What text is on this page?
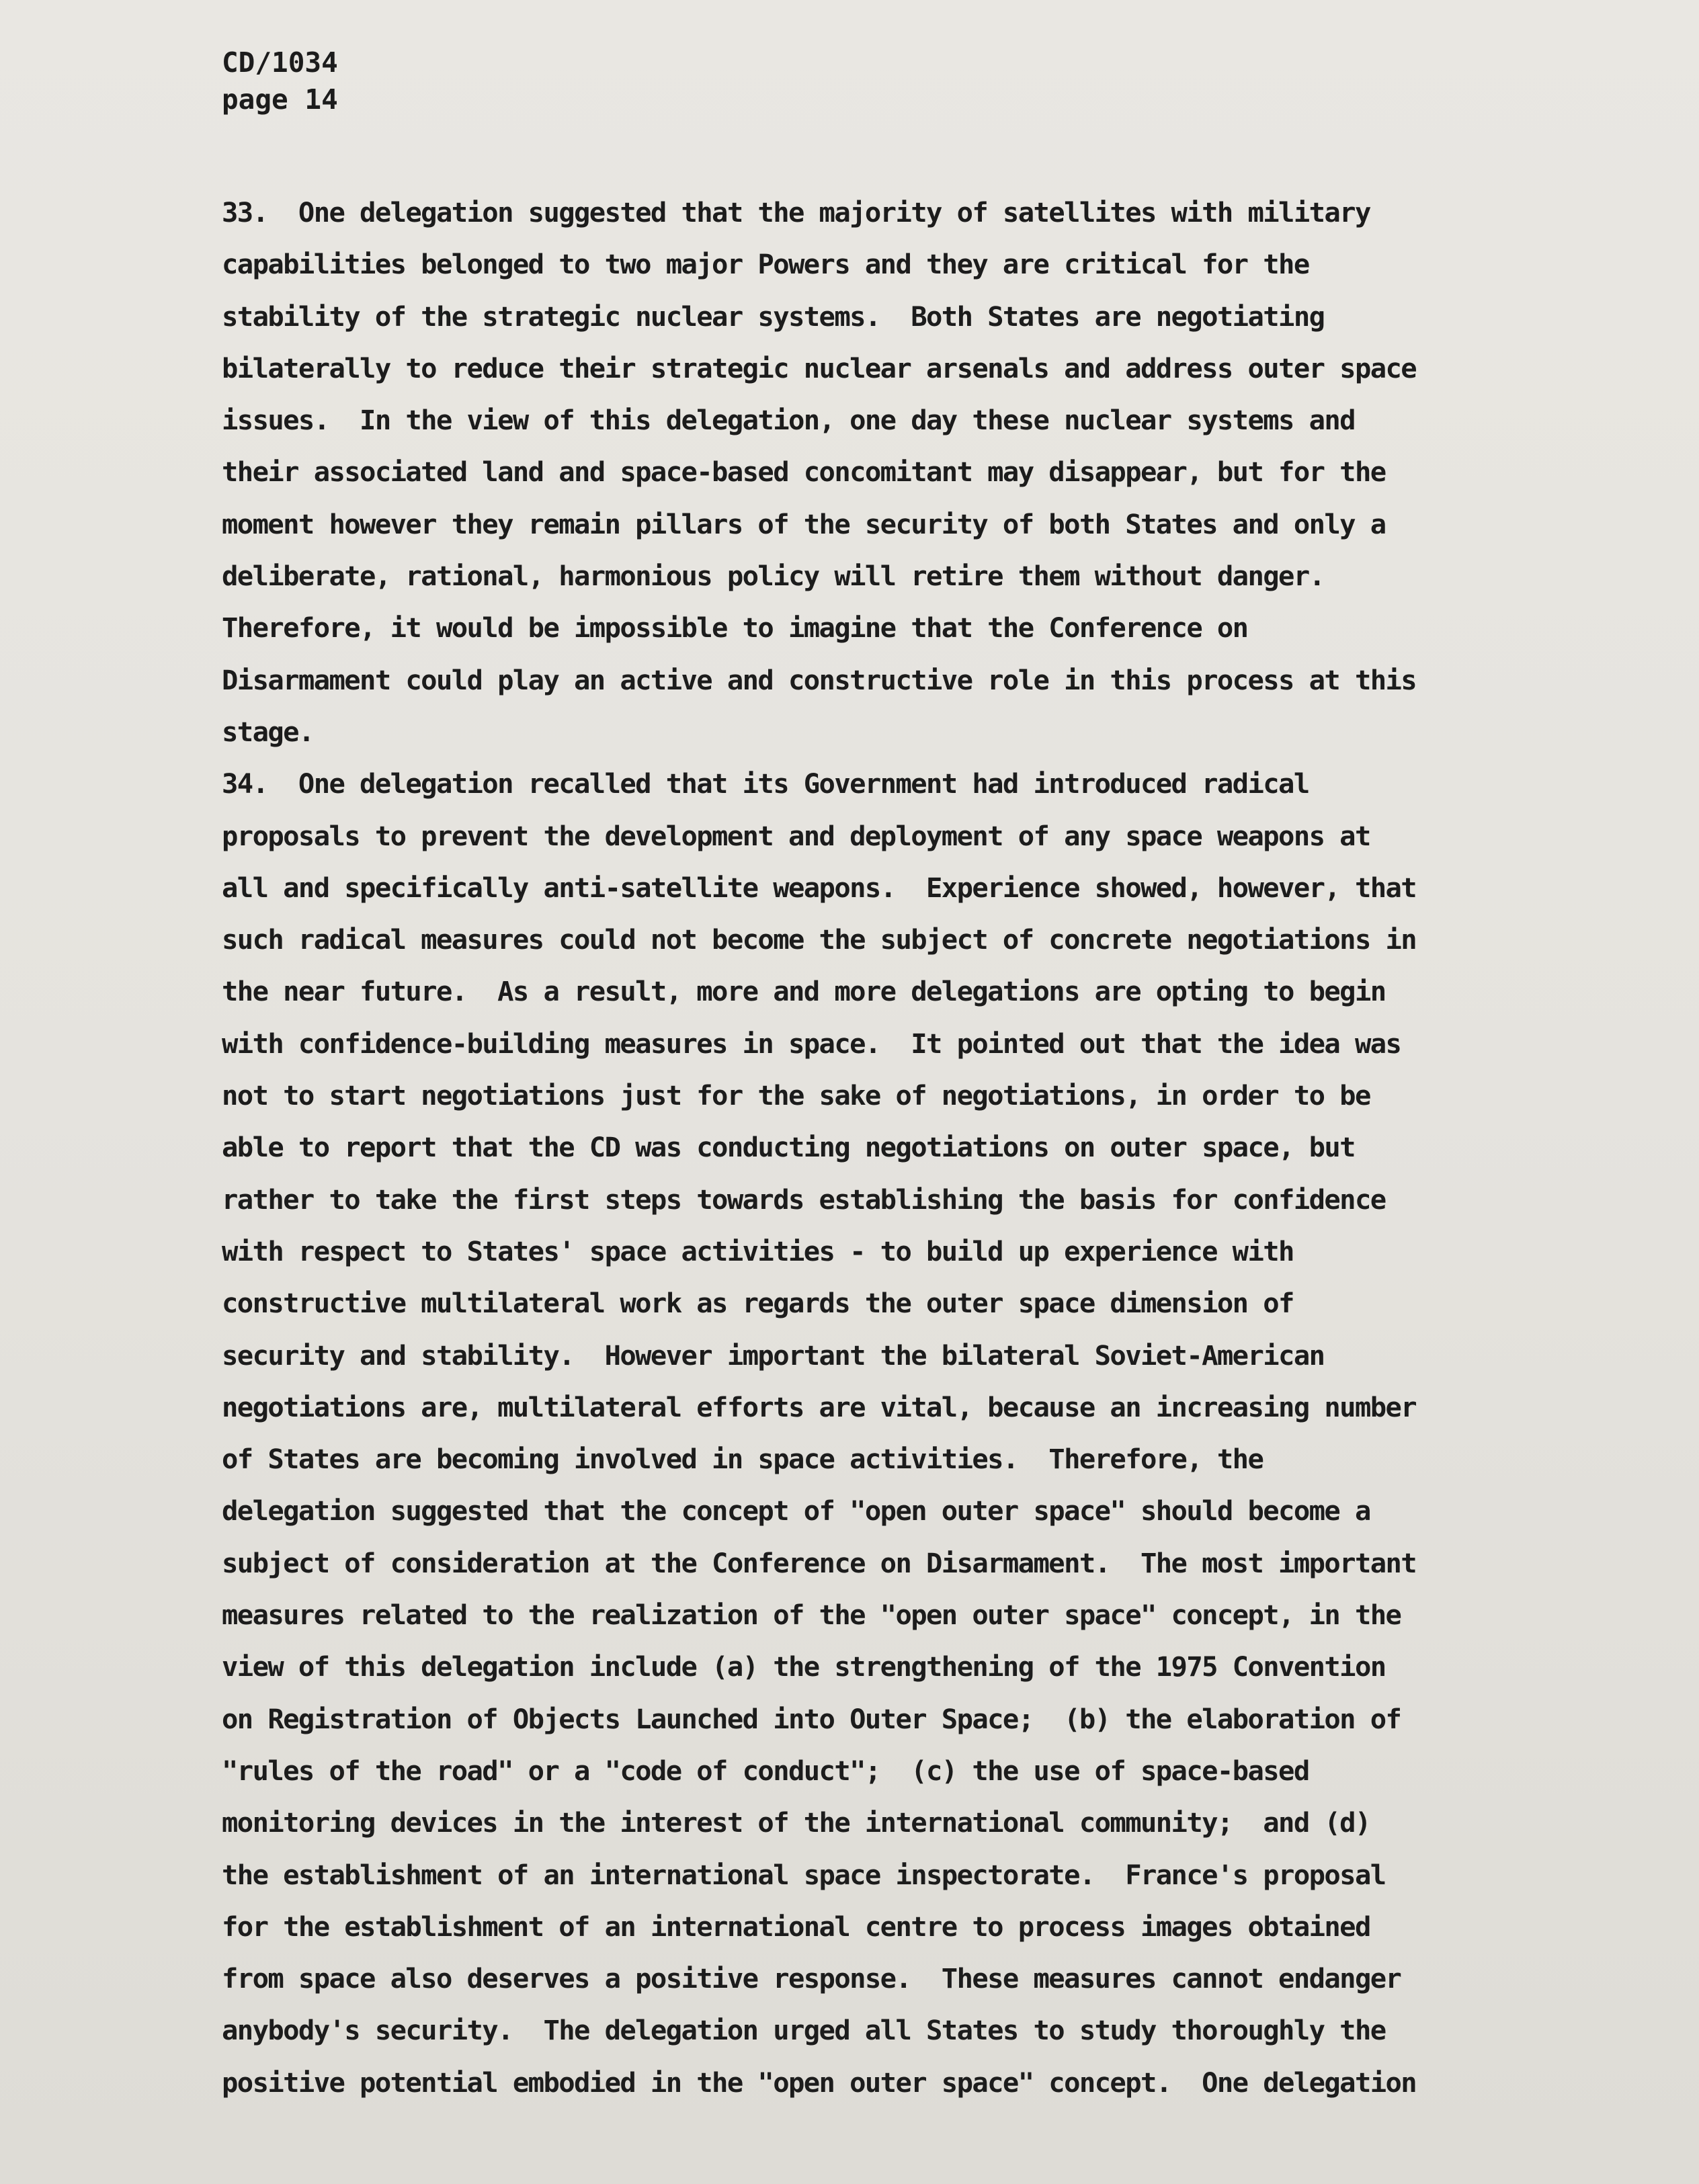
CD/1034
page 14
33.  One delegation suggested that the majority of satellites with military
capabilities belonged to two major Powers and they are critical for the
stability of the strategic nuclear systems.  Both States are negotiating
bilaterally to reduce their strategic nuclear arsenals and address outer space
issues.  In the view of this delegation, one day these nuclear systems and
their associated land and space-based concomitant may disappear, but for the
moment however they remain pillars of the security of both States and only a
deliberate, rational, harmonious policy will retire them without danger.
Therefore, it would be impossible to imagine that the Conference on
Disarmament could play an active and constructive role in this process at this
stage.
34.  One delegation recalled that its Government had introduced radical
proposals to prevent the development and deployment of any space weapons at
all and specifically anti-satellite weapons.  Experience showed, however, that
such radical measures could not become the subject of concrete negotiations in
the near future.  As a result, more and more delegations are opting to begin
with confidence-building measures in space.  It pointed out that the idea was
not to start negotiations just for the sake of negotiations, in order to be
able to report that the CD was conducting negotiations on outer space, but
rather to take the first steps towards establishing the basis for confidence
with respect to States' space activities - to build up experience with
constructive multilateral work as regards the outer space dimension of
security and stability.  However important the bilateral Soviet-American
negotiations are, multilateral efforts are vital, because an increasing number
of States are becoming involved in space activities.  Therefore, the
delegation suggested that the concept of "open outer space" should become a
subject of consideration at the Conference on Disarmament.  The most important
measures related to the realization of the "open outer space" concept, in the
view of this delegation include (a) the strengthening of the 1975 Convention
on Registration of Objects Launched into Outer Space;  (b) the elaboration of
"rules of the road" or a "code of conduct";  (c) the use of space-based
monitoring devices in the interest of the international community;  and (d)
the establishment of an international space inspectorate.  France's proposal
for the establishment of an international centre to process images obtained
from space also deserves a positive response.  These measures cannot endanger
anybody's security.  The delegation urged all States to study thoroughly the
positive potential embodied in the "open outer space" concept.  One delegation
